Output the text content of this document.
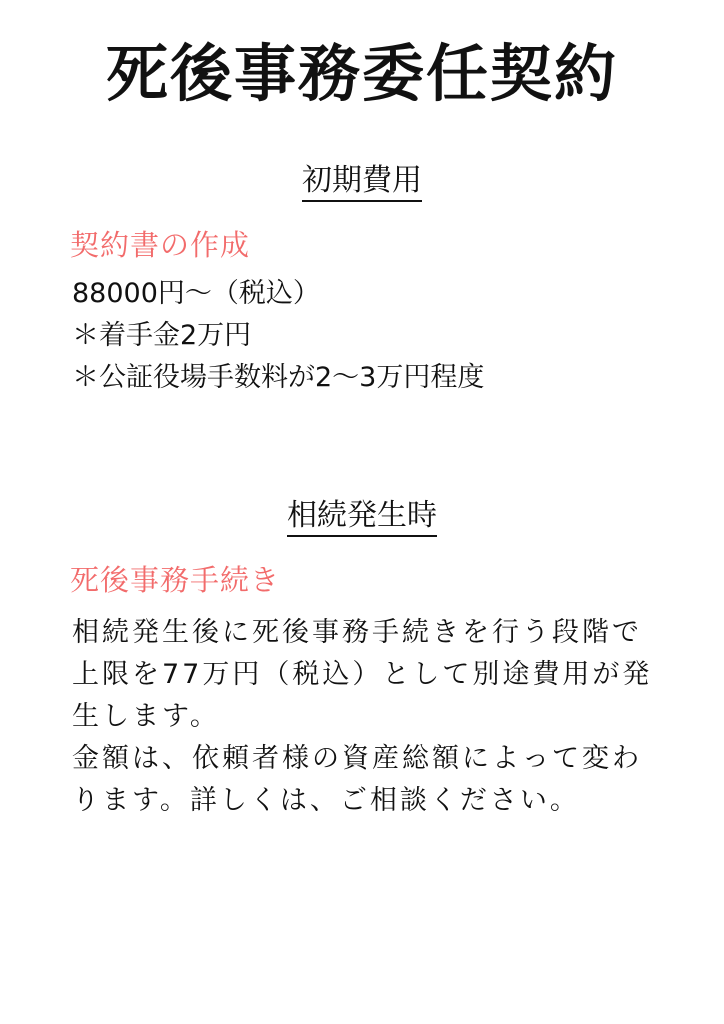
死後事務委任契約
初期費用
契約書の作成
88000円～（税込）
＊着手金2万円
＊公証役場手数料が2～3万円程度
相続発生時
死後事務手続き
相続発生後に死後事務手続きを行う段階で
上限を77万円（税込）として別途費用が発
生します。
金額は、依頼者様の資産総額によって変わ
ります。詳しくは、ご相談ください。
